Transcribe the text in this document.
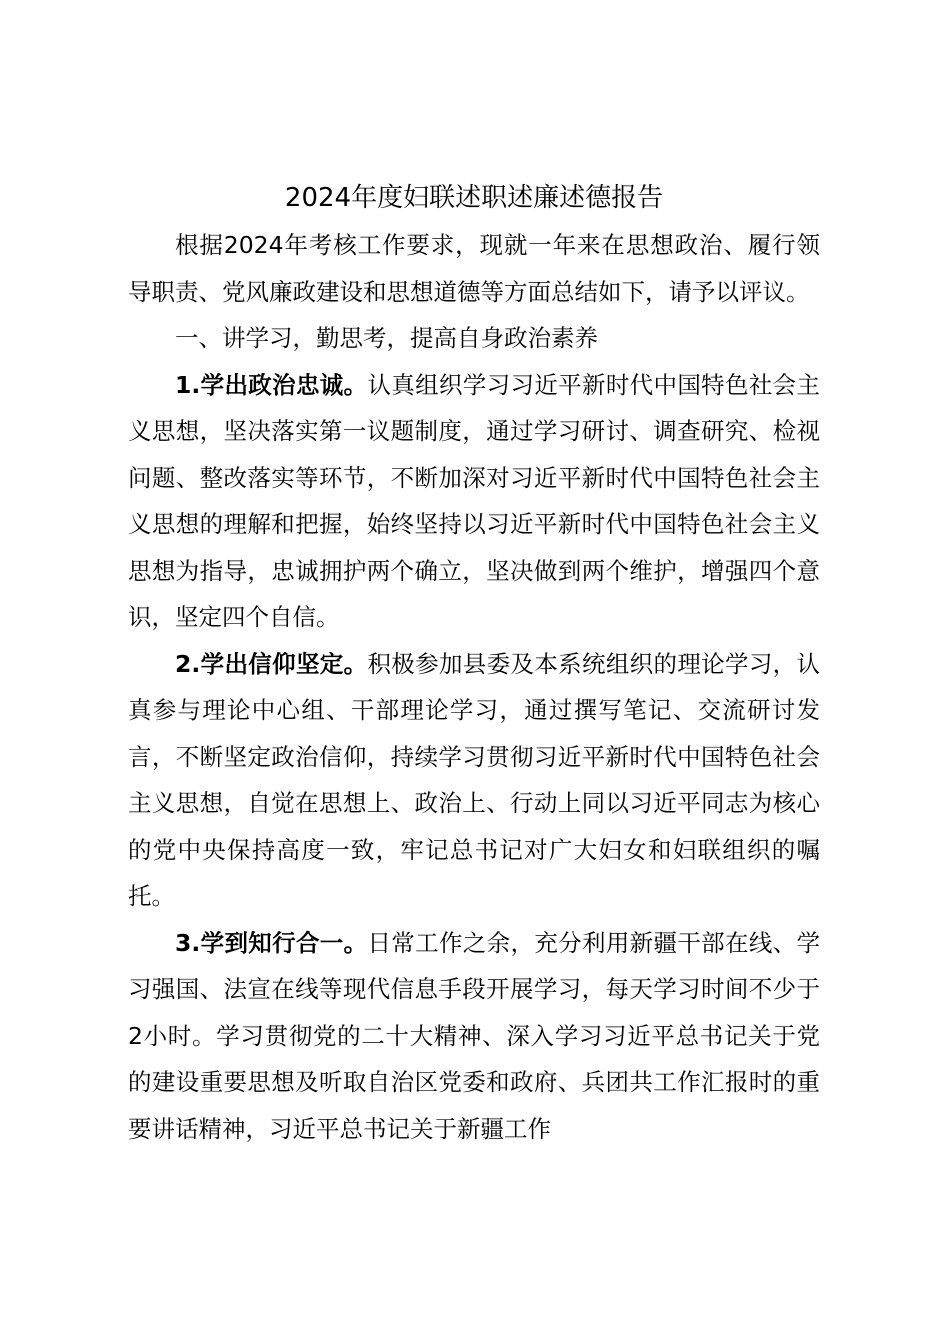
2024年度妇联述职述廉述德报告

根据2024年考核工作要求，现就一年来在思想政治、履行领导职责、党风廉政建设和思想道德等方面总结如下，请予以评议。

一、讲学习，勤思考，提高自身政治素养

1.学出政治忠诚。认真组织学习习近平新时代中国特色社会主义思想，坚决落实第一议题制度，通过学习研讨、调查研究、检视问题、整改落实等环节，不断加深对习近平新时代中国特色社会主义思想的理解和把握，始终坚持以习近平新时代中国特色社会主义思想为指导，忠诚拥护两个确立，坚决做到两个维护，增强四个意识，坚定四个自信。

2.学出信仰坚定。积极参加县委及本系统组织的理论学习，认真参与理论中心组、干部理论学习，通过撰写笔记、交流研讨发言，不断坚定政治信仰，持续学习贯彻习近平新时代中国特色社会主义思想，自觉在思想上、政治上、行动上同以习近平同志为核心的党中央保持高度一致，牢记总书记对广大妇女和妇联组织的嘱托。

3.学到知行合一。日常工作之余，充分利用新疆干部在线、学习强国、法宣在线等现代信息手段开展学习，每天学习时间不少于2小时。学习贯彻党的二十大精神、深入学习习近平总书记关于党的建设重要思想及听取自治区党委和政府、兵团共工作汇报时的重要讲话精神，习近平总书记关于新疆工作
